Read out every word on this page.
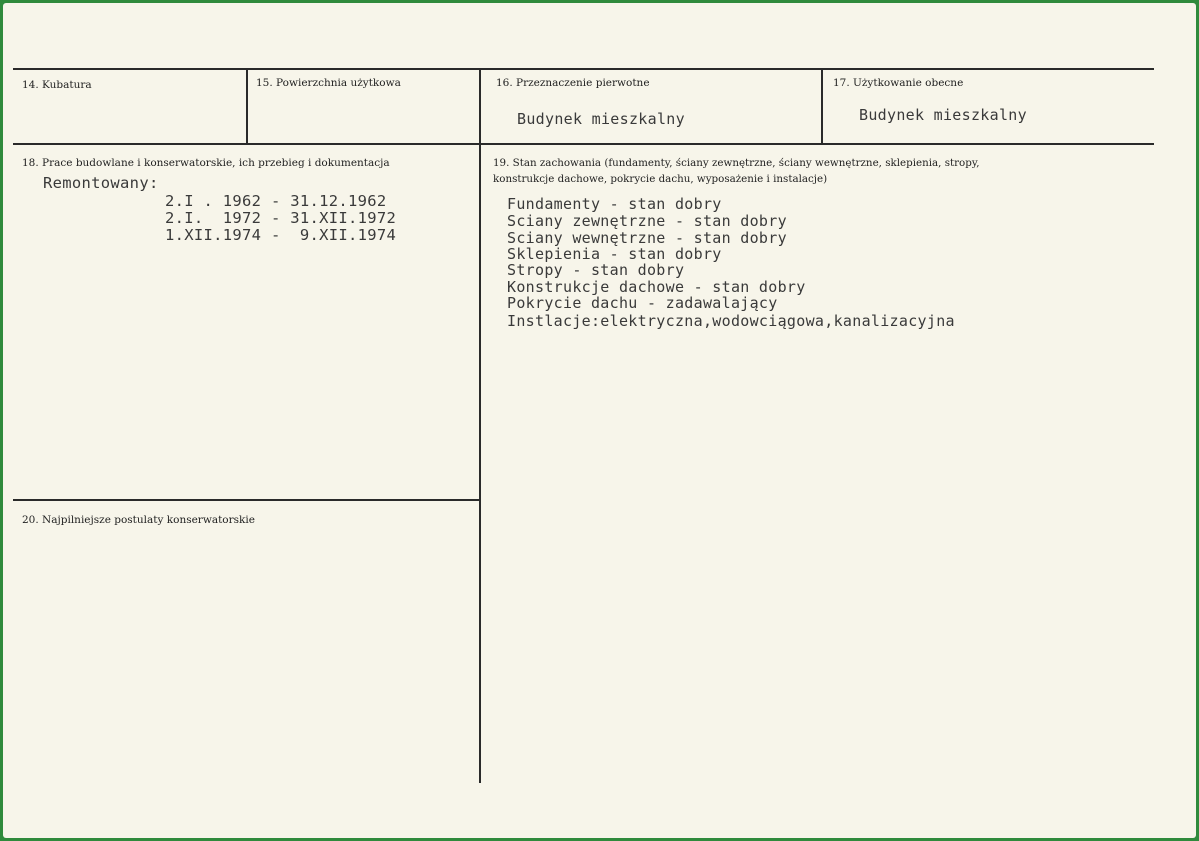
14. Kubatura	15. Powierzchnia użytkowa	16. Przeznaczenie pierwotne
Budynek mieszkalny
17. Użytkowanie obecne
Budynek mieszkalny
18. Prace budowlane i konserwatorskie, ich przebieg i dokumentacja
Remontowany:
2.I . 1962 - 31.12.1962
2.I.  1972 - 31.XII.1972
1.XII.1974 -  9.XII.1974
19. Stan zachowania (fundamenty, ściany zewnętrzne, ściany wewnętrzne, sklepienia, stropy,
konstrukcje dachowe, pokrycie dachu, wyposażenie i instalacje)
Fundamenty - stan dobry
Sciany zewnętrzne - stan dobry
Sciany wewnętrzne - stan dobry
Sklepienia - stan dobry
Stropy - stan dobry
Konstrukcje dachowe - stan dobry
Pokrycie dachu - zadawalający
Instlacje:elektryczna,wodowciągowa,kanalizacyjna
20. Najpilniejsze postulaty konserwatorskie
